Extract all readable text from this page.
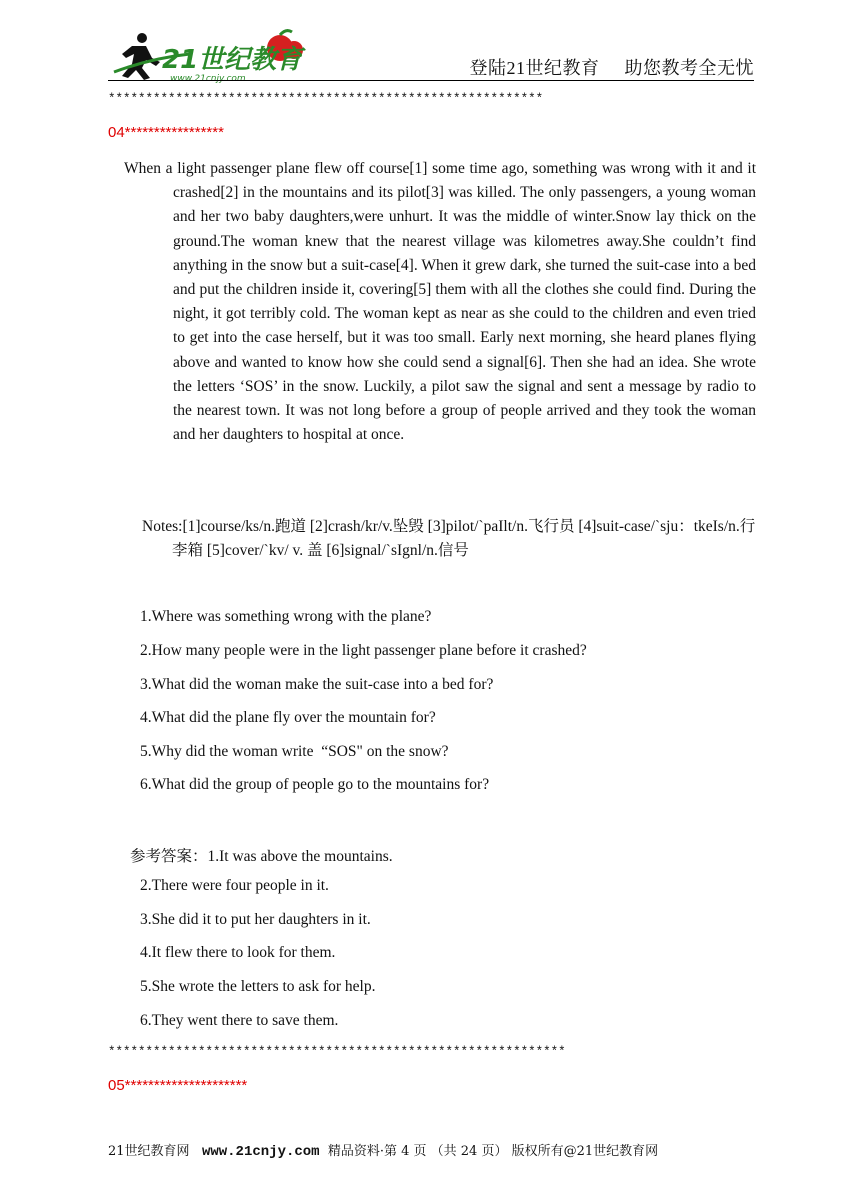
21世纪教育
www.21cnjy.com
登陆21世纪教育     助您教考全无忧
**********************************************************
04*****************
When a light passenger plane flew off course[1] some time ago, something was wrong with it and it crashed[2] in the mountains and its pilot[3] was killed. The only passengers, a young woman and her two baby daughters,were unhurt. It was the middle of winter.Snow lay thick on the ground.The woman knew that the nearest village was kilometres away.She couldn’t find anything in the snow but a suit-case[4]. When it grew dark, she turned the suit-case into a bed and put the children inside it, covering[5] them with all the clothes she could find. During the night, it got terribly cold. The woman kept as near as she could to the children and even tried to get into the case herself, but it was too small. Early next morning, she heard planes flying above and wanted to know how she could send a signal[6]. Then she had an idea. She wrote the letters ‘SOS’ in the snow. Luckily, a pilot saw the signal and sent a message by radio to the nearest town. It was not long before a group of people arrived and they took the woman and her daughters to hospital at once.
Notes:[1]course/ks/n.跑道 [2]crash/kr/v.坠毁 [3]pilot/`paIlt/n.飞行员 [4]suit-case/`sju：tkeIs/n.行李箱 [5]cover/`kv/ v. 盖 [6]signal/`sIgnl/n.信号
1.Where was something wrong with the plane?
2.How many people were in the light passenger plane before it crashed?
3.What did the woman make the suit-case into a bed for?
4.What did the plane fly over the mountain for?
5.Why did the woman write  “SOS" on the snow?
6.What did the group of people go to the mountains for?
参考答案：1.It was above the mountains.
2.There were four people in it.
3.She did it to put her daughters in it.
4.It flew there to look for them.
5.She wrote the letters to ask for help.
6.They went there to save them.
*************************************************************
05*********************
21世纪教育网   www.21cnjy.com  精品资料·第 4 页 （共 24 页） 版权所有@21世纪教育网
